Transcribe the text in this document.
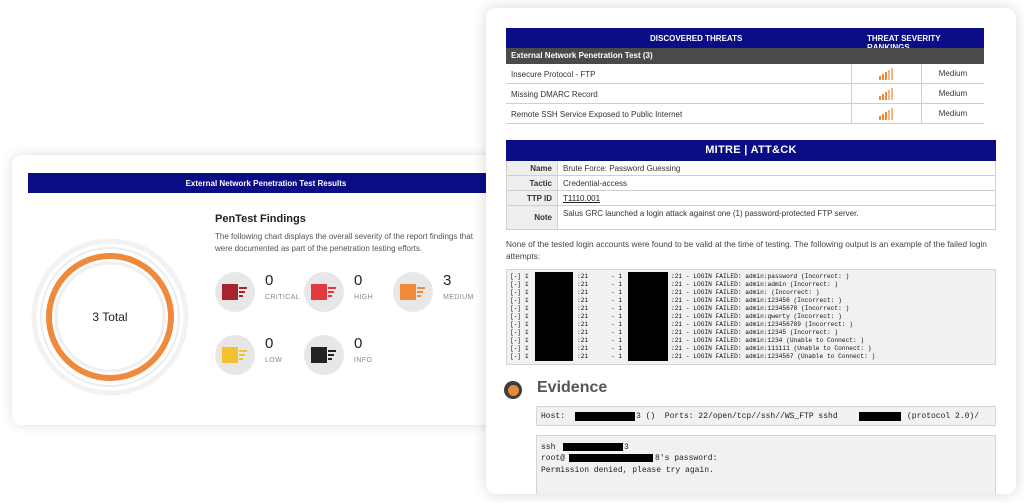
External Network Penetration Test Results
3 Total
PenTest Findings
The following chart displays the overall severity of the report findings that were documented as part of the penetration testing efforts.
0
CRITICAL
0
HIGH
3
MEDIUM
0
LOW
0
INFO
DISCOVERED THREATS	THREAT SEVERITY
External Network Penetration Test (3)
Insecure Protocol - FTP	Medium
Missing DMARC Record	Medium
Remote SSH Service Exposed to Public Internet	Medium
MITRE | ATT&CK
Name	Brute Force: Password Guessing
Tactic	Credential-access
TTP ID	T1110.001
Note	Salus GRC launched a login attack against one (1) password-protected FTP server.
None of the tested login accounts were found to be valid at the time of testing. The following output is an example of the failed login attempts:
[-] 1	:21	- 1	:21 - LOGIN FAILED: admin:password (Incorrect: )
[-] 1	:21	- 1	:21 - LOGIN FAILED: admin:admin (Incorrect: )
[-] 1	:21	- 1	:21 - LOGIN FAILED: admin: (Incorrect: )
[-] 1	:21	- 1	:21 - LOGIN FAILED: admin:123456 (Incorrect: )
[-] 1	:21	- 1	:21 - LOGIN FAILED: admin:12345678 (Incorrect: )
[-] 1	:21	- 1	:21 - LOGIN FAILED: admin:qwerty (Incorrect: )
[-] 1	:21	- 1	:21 - LOGIN FAILED: admin:123456789 (Incorrect: )
[-] 1	:21	- 1	:21 - LOGIN FAILED: admin:12345 (Incorrect: )
[-] 1	:21	- 1	:21 - LOGIN FAILED: admin:1234 (Unable to Connect: )
[-] 1	:21	- 1	:21 - LOGIN FAILED: admin:111111 (Unable to Connect: )
[-] 1	:21	- 1	:21 - LOGIN FAILED: admin:1234567 (Unable to Connect: )
Evidence
Host:	3 ()  Ports: 22/open/tcp//ssh//WS_FTP sshd	(protocol 2.0)/
ssh	3
root@	8's password:
Permission denied, please try again.
